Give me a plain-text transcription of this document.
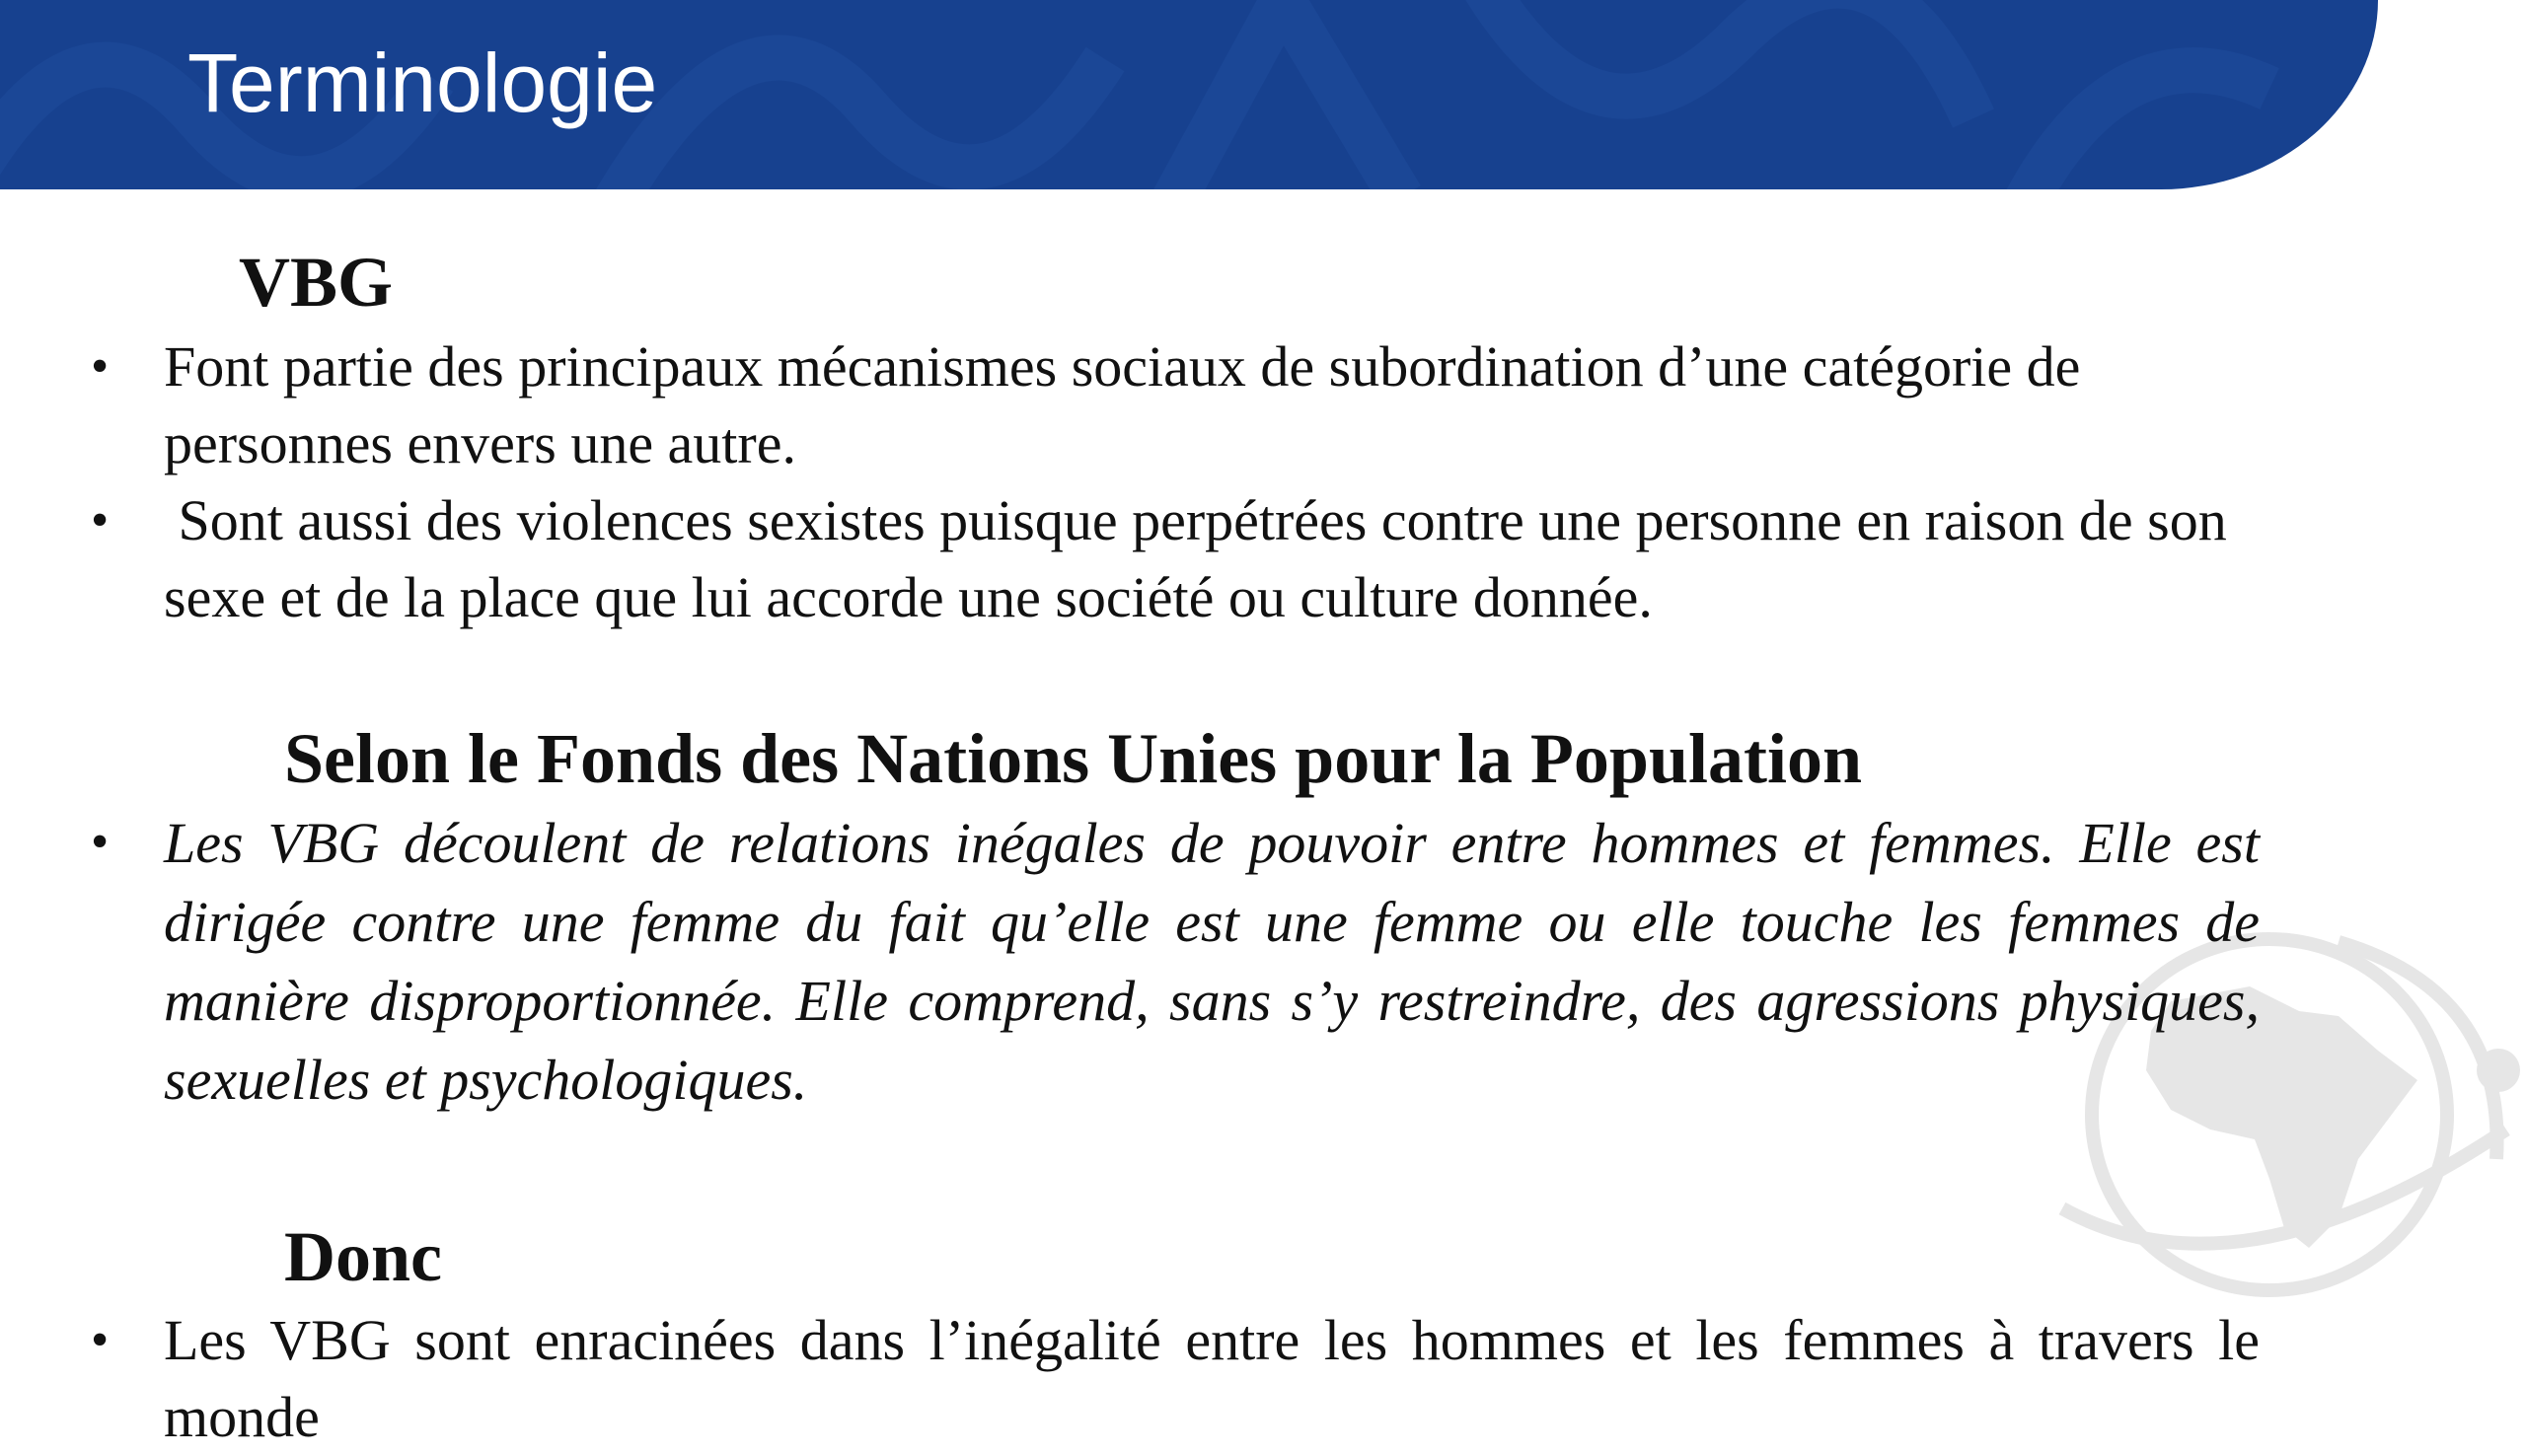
Terminologie
VBG
• Font partie des principaux mécanismes sociaux de subordination d’une catégorie de personnes envers une autre.
• Sont aussi des violences sexistes puisque perpétrées contre une personne en raison de son sexe et de la place que lui accorde une société ou culture donnée.
Selon le Fonds des Nations Unies pour la Population
• Les VBG découlent de relations inégales de pouvoir entre hommes et femmes. Elle est dirigée contre une femme du fait qu’elle est une femme ou elle touche les femmes de manière disproportionnée. Elle comprend, sans s’y restreindre, des agressions physiques, sexuelles et psychologiques.
Donc
• Les VBG sont enracinées dans l’inégalité entre les hommes et les femmes à travers le monde
